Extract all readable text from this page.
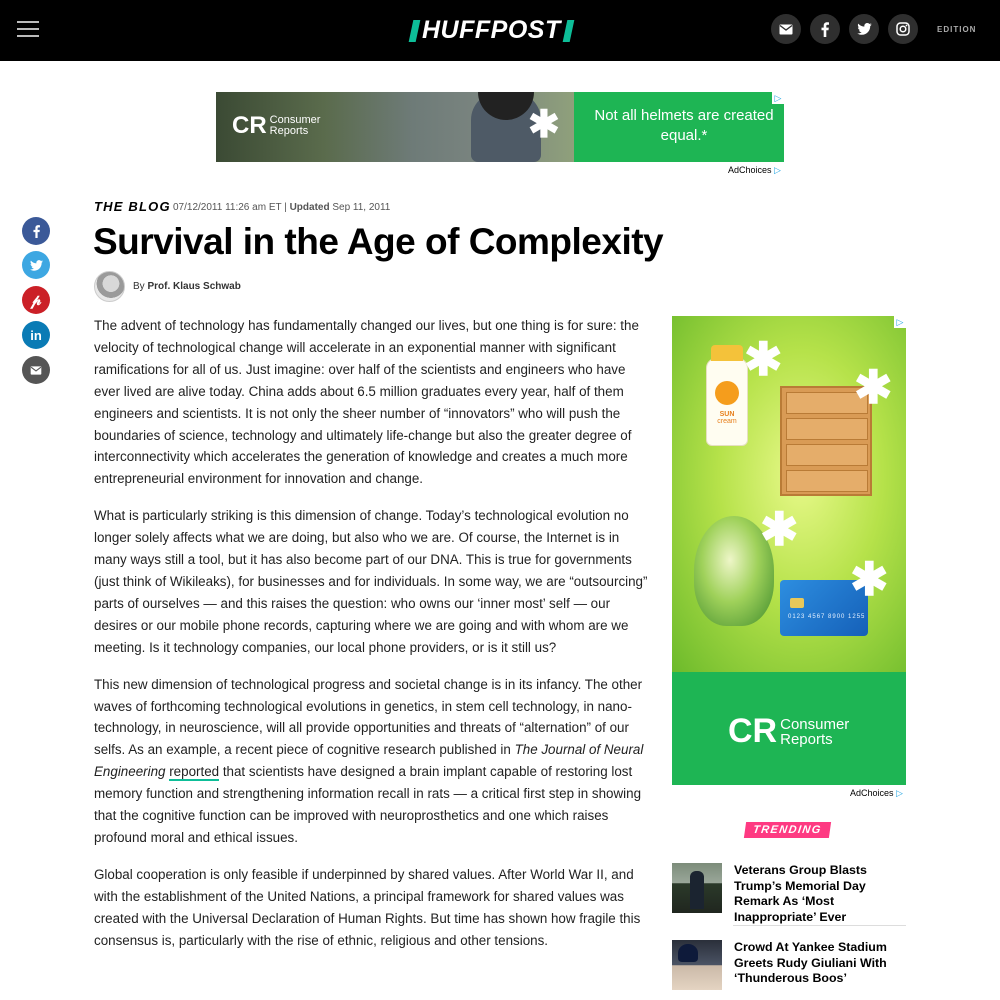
HUFFPOST	EDITION
CR Consumer
Reports	✱ Not all helmets are created equal.*
▷
AdChoices ▷
𝓅
in
THE BLOG 07/12/2011 11:26 am ET | Updated Sep 11, 2011
Survival in the Age of Complexity
By Prof. Klaus Schwab

The advent of technology has fundamentally changed our lives, but one thing is for sure: the velocity of technological change will accelerate in an exponential manner with significant ramifications for all of us. Just imagine: over half of the scientists and engineers who have ever lived are alive today. China adds about 6.5 million graduates every year, half of them engineers and scientists. It is not only the sheer number of “innovators” who will push the boundaries of science, technology and ultimately life-change but also the greater degree of interconnectivity which accelerates the generation of knowledge and creates a much more entrepreneurial environment for innovation and change.

What is particularly striking is this dimension of change. Today’s technological evolution no longer solely affects what we are doing, but also who we are. Of course, the Internet is in many ways still a tool, but it has also become part of our DNA. This is true for governments (just think of Wikileaks), for businesses and for individuals. In some way, we are “outsourcing” parts of ourselves — and this raises the question: who owns our ‘inner most’ self — our desires or our mobile phone records, capturing where we are going and with whom are we meeting. Is it technology companies, our local phone providers, or is it still us?

This new dimension of technological progress and societal change is in its infancy. The other waves of forthcoming technological evolutions in genetics, in stem cell technology, in nano-technology, in neuroscience, will all provide opportunities and threats of “alternation” of our selfs. As an example, a recent piece of cognitive research published in The Journal of Neural Engineering reported that scientists have designed a brain implant capable of restoring lost memory function and strengthening information recall in rats — a critical first step in showing that the cognitive function can be improved with neuroprosthetics and one which raises profound moral and ethical issues.

Global cooperation is only feasible if underpinned by shared values. After World War II, and with the establishment of the United Nations, a principal framework for shared values was created with the Universal Declaration of Human Rights. But time has shown how fragile this consensus is, particularly with the rise of ethnic, religious and other tensions.

SUN
cream
✱
✱
✱
0123 4567 8900 1255
✱
▷
CR Consumer
Reports
AdChoices ▷
TRENDING
Veterans Group Blasts Trump’s Memorial Day Remark As ‘Most Inappropriate’ Ever
Crowd At Yankee Stadium Greets Rudy Giuliani With ‘Thunderous Boos’
